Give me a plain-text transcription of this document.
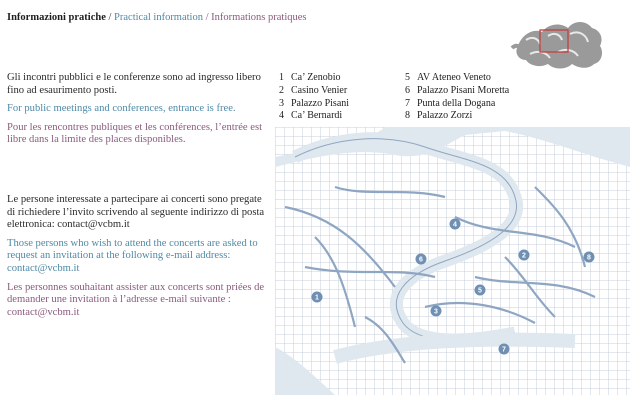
Informazioni pratiche / Practical information / Informations pratiques

Gli incontri pubblici e le conferenze sono ad ingresso libero fino ad esaurimento posti.

For public meetings and conferences, entrance is free.

Pour les rencontres publiques et les conférences, l’entrée est libre dans la limite des places disponibles.

Le persone interessate a partecipare ai concerti sono pregate di richiedere l’invito scrivendo al seguente indirizzo di posta elettronica: contact@vcbm.it

Those persons who wish to attend the concerts are asked to request an invitation at the following e-mail address: contact@vcbm.it

Les personnes souhaitant assister aux concerts sont priées de demander une invitation à l’adresse e-mail suivante : contact@vcbm.it

1 Ca’ Zenobio
2 Casino Venier
3 Palazzo Pisani
4 Ca’ Bernardi
5 AV Ateneo Veneto
6 Palazzo Pisani Moretta
7 Punta della Dogana
8 Palazzo Zorzi
1
2
3
4
5
6
7
8
